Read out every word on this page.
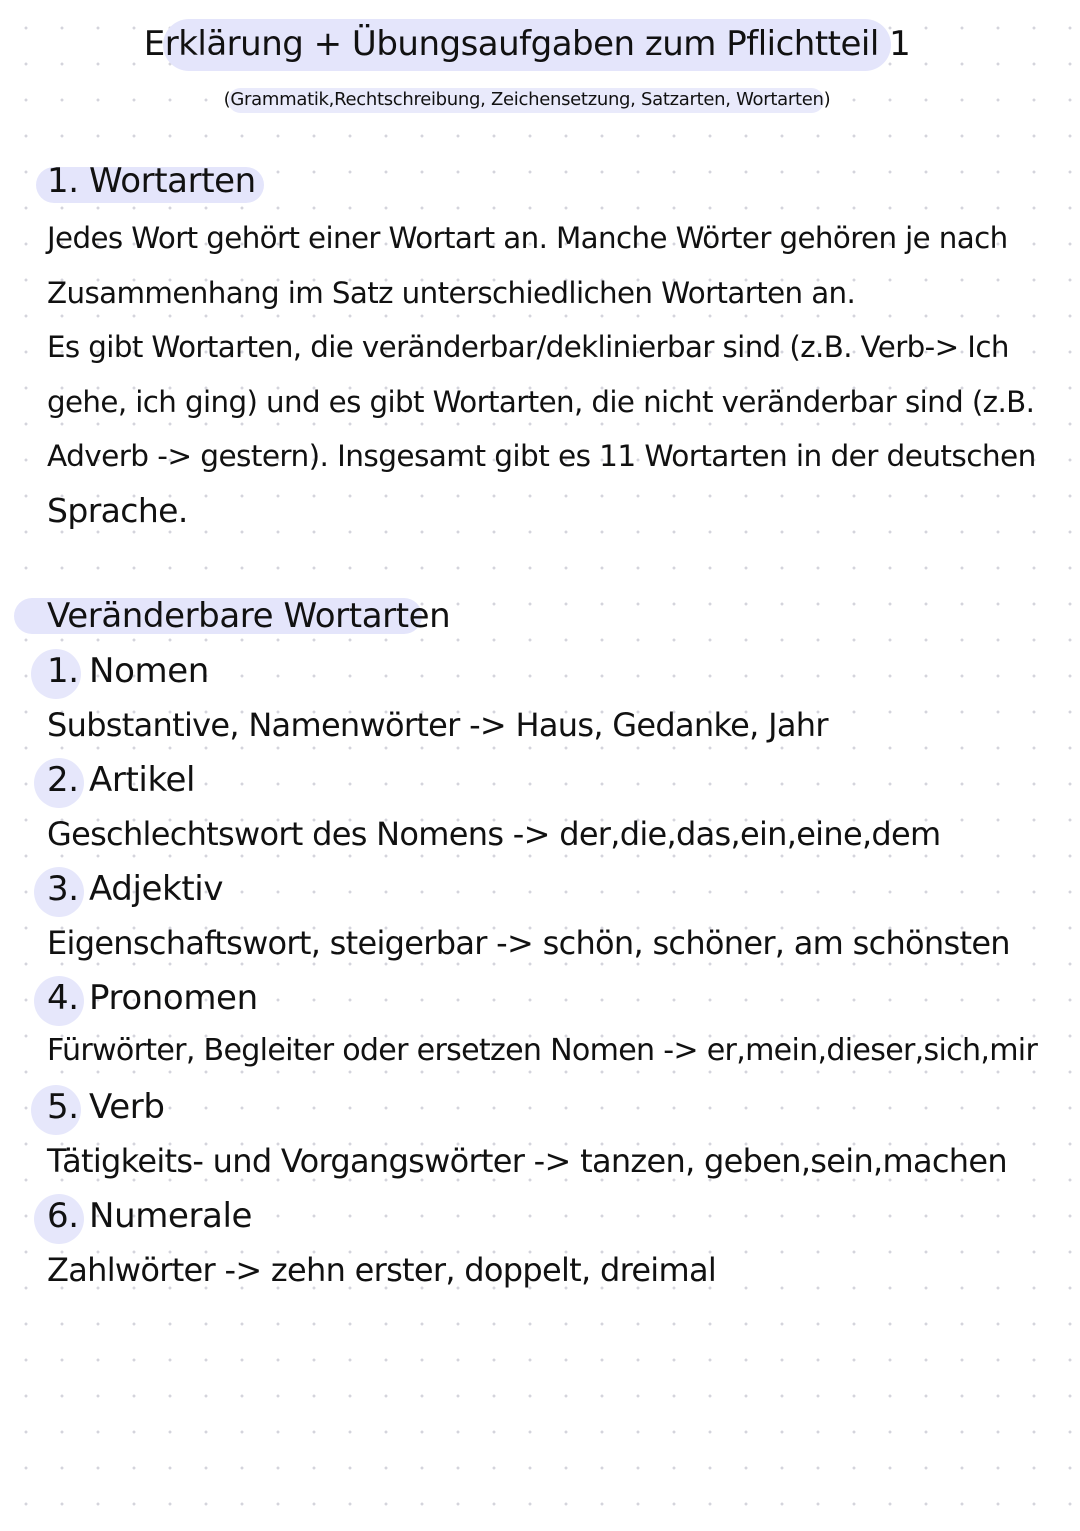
Erklärung + Übungsaufgaben zum Pflichtteil 1
(Grammatik,Rechtschreibung, Zeichensetzung, Satzarten, Wortarten)
1. Wortarten
Jedes Wort gehört einer Wortart an. Manche Wörter gehören je nach
Zusammenhang im Satz unterschiedlichen Wortarten an.
Es gibt Wortarten, die veränderbar/deklinierbar sind (z.B. Verb-> Ich
gehe, ich ging) und es gibt Wortarten, die nicht veränderbar sind (z.B.
Adverb -> gestern). Insgesamt gibt es 11 Wortarten in der deutschen
Sprache.
Veränderbare Wortarten
1. Nomen
Substantive, Namenwörter -> Haus, Gedanke, Jahr
2. Artikel
Geschlechtswort des Nomens -> der,die,das,ein,eine,dem
3. Adjektiv
Eigenschaftswort, steigerbar -> schön, schöner, am schönsten
4. Pronomen
Fürwörter, Begleiter oder ersetzen Nomen -> er,mein,dieser,sich,mir
5. Verb
Tätigkeits- und Vorgangswörter -> tanzen, geben,sein,machen
6. Numerale
Zahlwörter -> zehn erster, doppelt, dreimal
